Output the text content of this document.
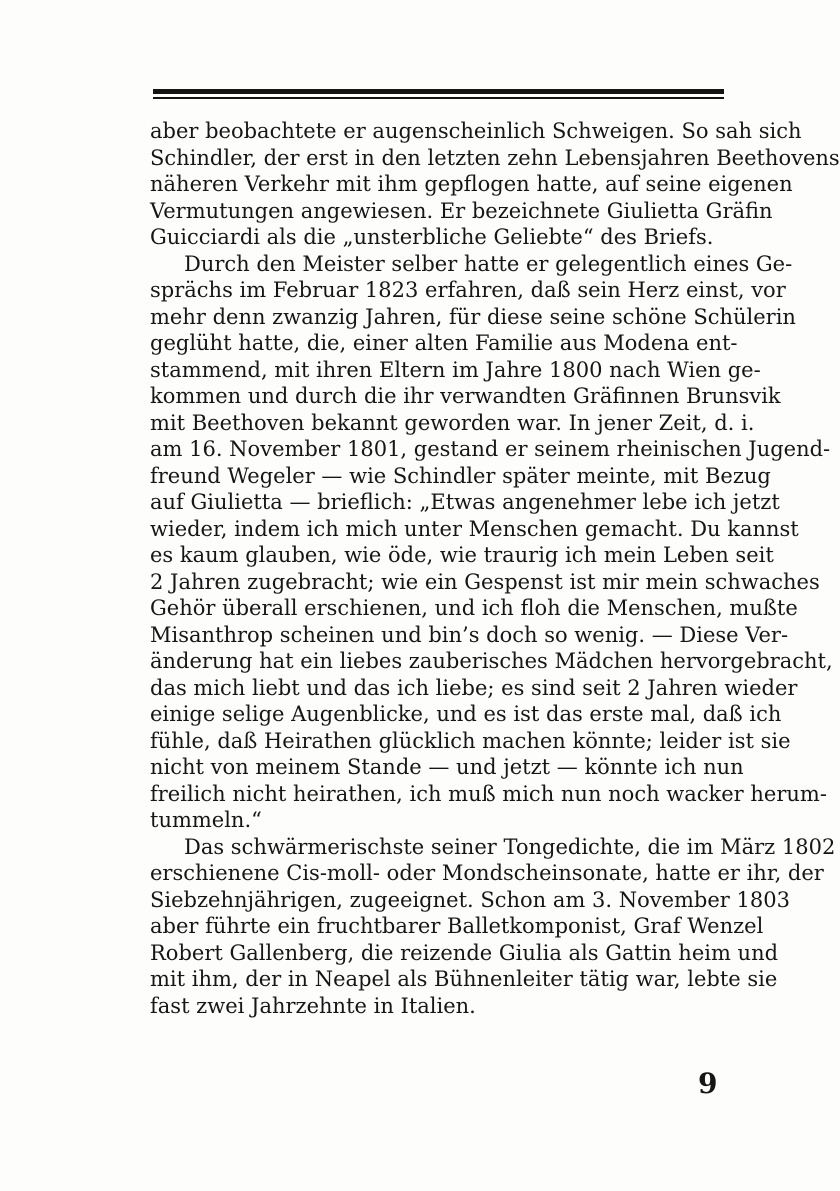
aber beobachtete er augenscheinlich Schweigen. So sah sich
Schindler, der erst in den letzten zehn Lebensjahren Beethovens
näheren Verkehr mit ihm gepflogen hatte, auf seine eigenen
Vermutungen angewiesen. Er bezeichnete Giulietta Gräfin
Guicciardi als die „unsterbliche Geliebte“ des Briefs.
Durch den Meister selber hatte er gelegentlich eines Ge-
sprächs im Februar 1823 erfahren, daß sein Herz einst, vor
mehr denn zwanzig Jahren, für diese seine schöne Schülerin
geglüht hatte, die, einer alten Familie aus Modena ent-
stammend, mit ihren Eltern im Jahre 1800 nach Wien ge-
kommen und durch die ihr verwandten Gräfinnen Brunsvik
mit Beethoven bekannt geworden war. In jener Zeit, d. i.
am 16. November 1801, gestand er seinem rheinischen Jugend-
freund Wegeler — wie Schindler später meinte, mit Bezug
auf Giulietta — brieflich: „Etwas angenehmer lebe ich jetzt
wieder, indem ich mich unter Menschen gemacht. Du kannst
es kaum glauben, wie öde, wie traurig ich mein Leben seit
2 Jahren zugebracht; wie ein Gespenst ist mir mein schwaches
Gehör überall erschienen, und ich floh die Menschen, mußte
Misanthrop scheinen und bin’s doch so wenig. — Diese Ver-
änderung hat ein liebes zauberisches Mädchen hervorgebracht,
das mich liebt und das ich liebe; es sind seit 2 Jahren wieder
einige selige Augenblicke, und es ist das erste mal, daß ich
fühle, daß Heirathen glücklich machen könnte; leider ist sie
nicht von meinem Stande — und jetzt — könnte ich nun
freilich nicht heirathen, ich muß mich nun noch wacker herum-
tummeln.“
Das schwärmerischste seiner Tongedichte, die im März 1802
erschienene Cis-moll- oder Mondscheinsonate, hatte er ihr, der
Siebzehnjährigen, zugeeignet. Schon am 3. November 1803
aber führte ein fruchtbarer Balletkomponist, Graf Wenzel
Robert Gallenberg, die reizende Giulia als Gattin heim und
mit ihm, der in Neapel als Bühnenleiter tätig war, lebte sie
fast zwei Jahrzehnte in Italien.
9
